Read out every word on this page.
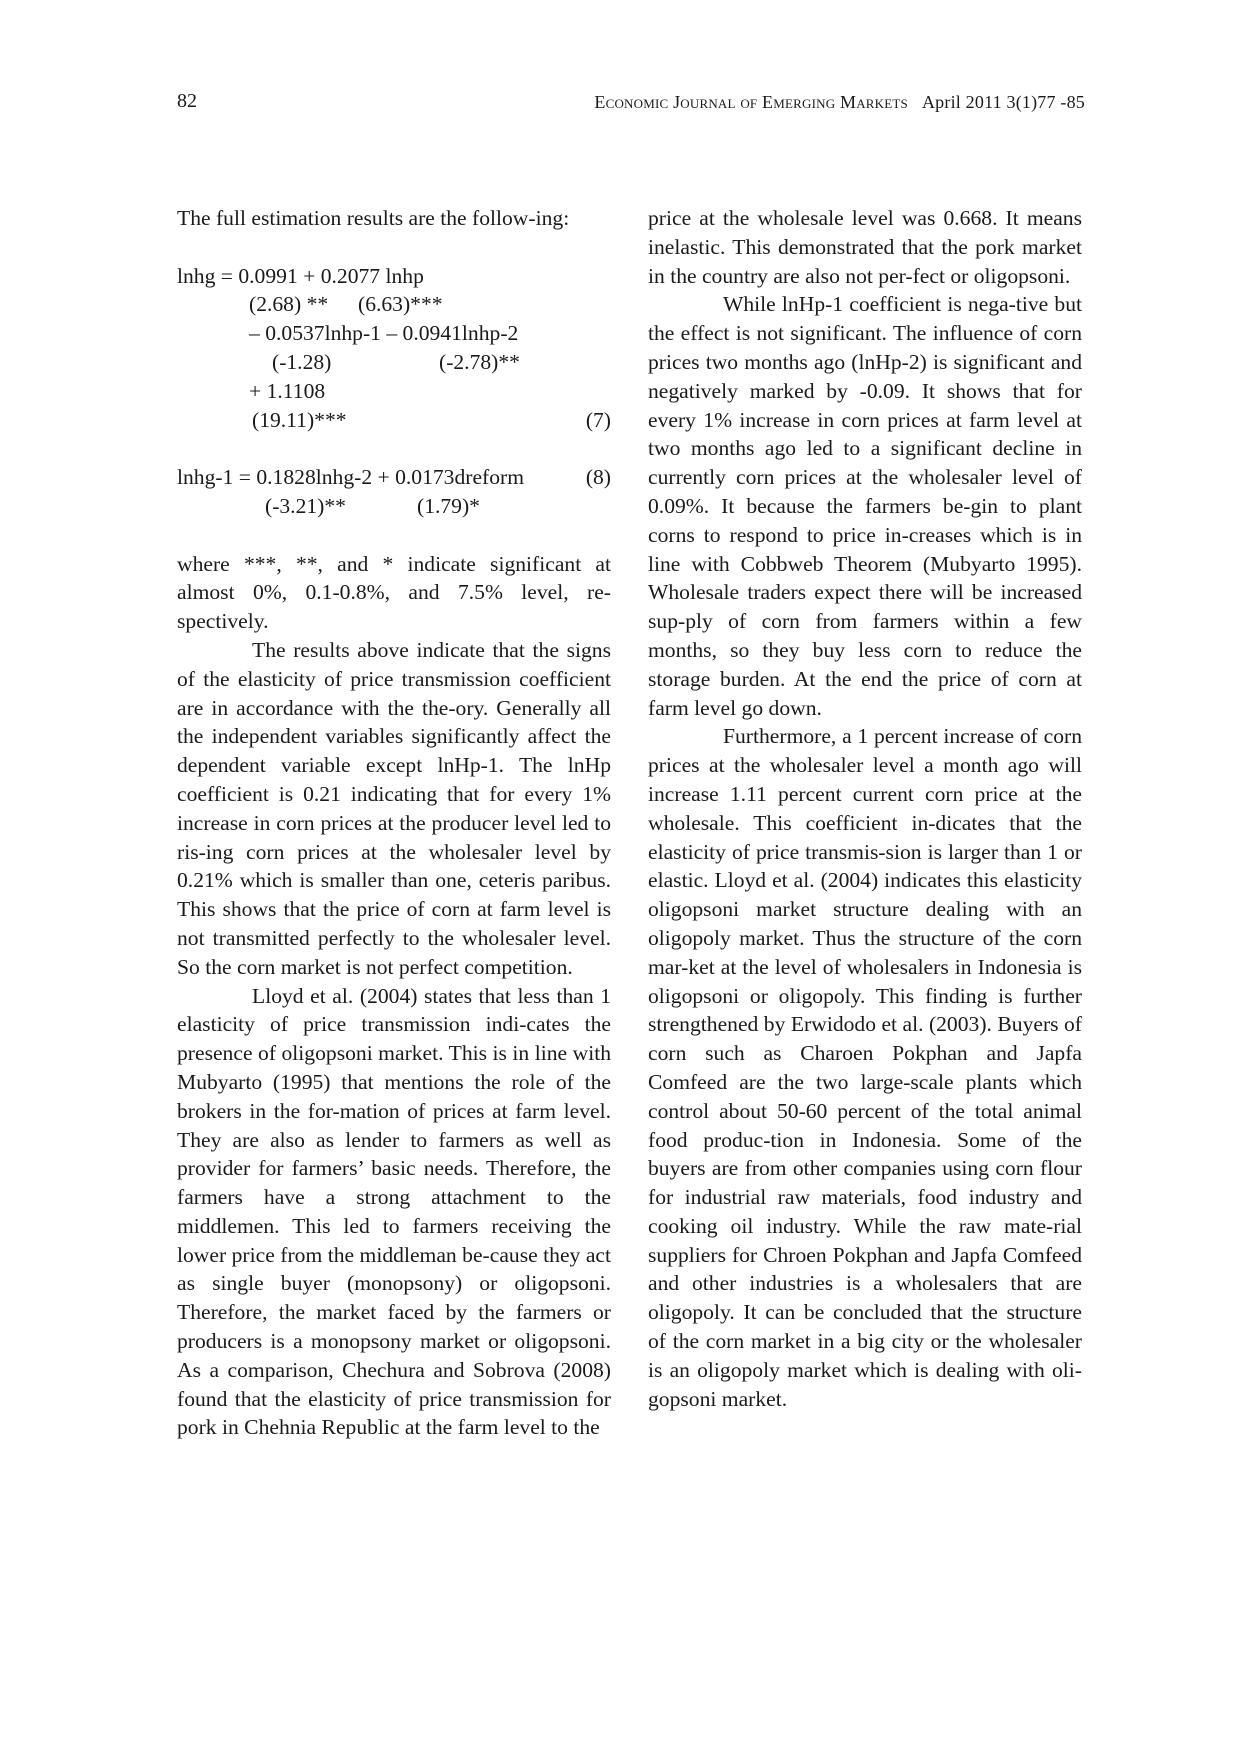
82	Economic Journal of Emerging Markets April 2011 3(1)77 -85

The full estimation results are the follow-ing:

lnhg = 0.0991 + 0.2077 lnhp
(2.68) ** (6.63)***
– 0.0537lnhp-1 – 0.0941lnhp-2
(-1.28)	(-2.78)**
+ 1.1108
(19.11)***	(7)
lnhg-1 = 0.1828lnhg-2 + 0.0173dreform	(8)
(-3.21)**	(1.79)*

where ***, **, and * indicate significant at almost 0%, 0.1-0.8%, and 7.5% level, re-spectively.

The results above indicate that the signs of the elasticity of price transmission coefficient are in accordance with the the-ory. Generally all the independent variables significantly affect the dependent variable except lnHp-1. The lnHp coefficient is 0.21 indicating that for every 1% increase in corn prices at the producer level led to ris-ing corn prices at the wholesaler level by 0.21% which is smaller than one, ceteris paribus. This shows that the price of corn at farm level is not transmitted perfectly to the wholesaler level. So the corn market is not perfect competition.

Lloyd et al. (2004) states that less than 1 elasticity of price transmission indi-cates the presence of oligopsoni market. This is in line with Mubyarto (1995) that mentions the role of the brokers in the for-mation of prices at farm level. They are also as lender to farmers as well as provider for farmers’ basic needs. Therefore, the farmers have a strong attachment to the middlemen. This led to farmers receiving the lower price from the middleman be-cause they act as single buyer (monopsony) or oligopsoni. Therefore, the market faced by the farmers or producers is a monopsony market or oligopsoni. As a comparison, Chechura and Sobrova (2008) found that the elasticity of price transmission for pork in Chehnia Republic at the farm level to the

price at the wholesale level was 0.668. It means inelastic. This demonstrated that the pork market in the country are also not per-fect or oligopsoni.

While lnHp-1 coefficient is nega-tive but the effect is not significant. The influence of corn prices two months ago (lnHp-2) is significant and negatively marked by -0.09. It shows that for every 1% increase in corn prices at farm level at two months ago led to a significant decline in currently corn prices at the wholesaler level of 0.09%. It because the farmers be-gin to plant corns to respond to price in-creases which is in line with Cobbweb Theorem (Mubyarto 1995). Wholesale traders expect there will be increased sup-ply of corn from farmers within a few months, so they buy less corn to reduce the storage burden. At the end the price of corn at farm level go down.

Furthermore, a 1 percent increase of corn prices at the wholesaler level a month ago will increase 1.11 percent current corn price at the wholesale. This coefficient in-dicates that the elasticity of price transmis-sion is larger than 1 or elastic. Lloyd et al. (2004) indicates this elasticity oligopsoni market structure dealing with an oligopoly market. Thus the structure of the corn mar-ket at the level of wholesalers in Indonesia is oligopsoni or oligopoly. This finding is further strengthened by Erwidodo et al. (2003). Buyers of corn such as Charoen Pokphan and Japfa Comfeed are the two large-scale plants which control about 50-60 percent of the total animal food produc-tion in Indonesia. Some of the buyers are from other companies using corn flour for industrial raw materials, food industry and cooking oil industry. While the raw mate-rial suppliers for Chroen Pokphan and Japfa Comfeed and other industries is a wholesalers that are oligopoly. It can be concluded that the structure of the corn market in a big city or the wholesaler is an oligopoly market which is dealing with oli-gopsoni market.
